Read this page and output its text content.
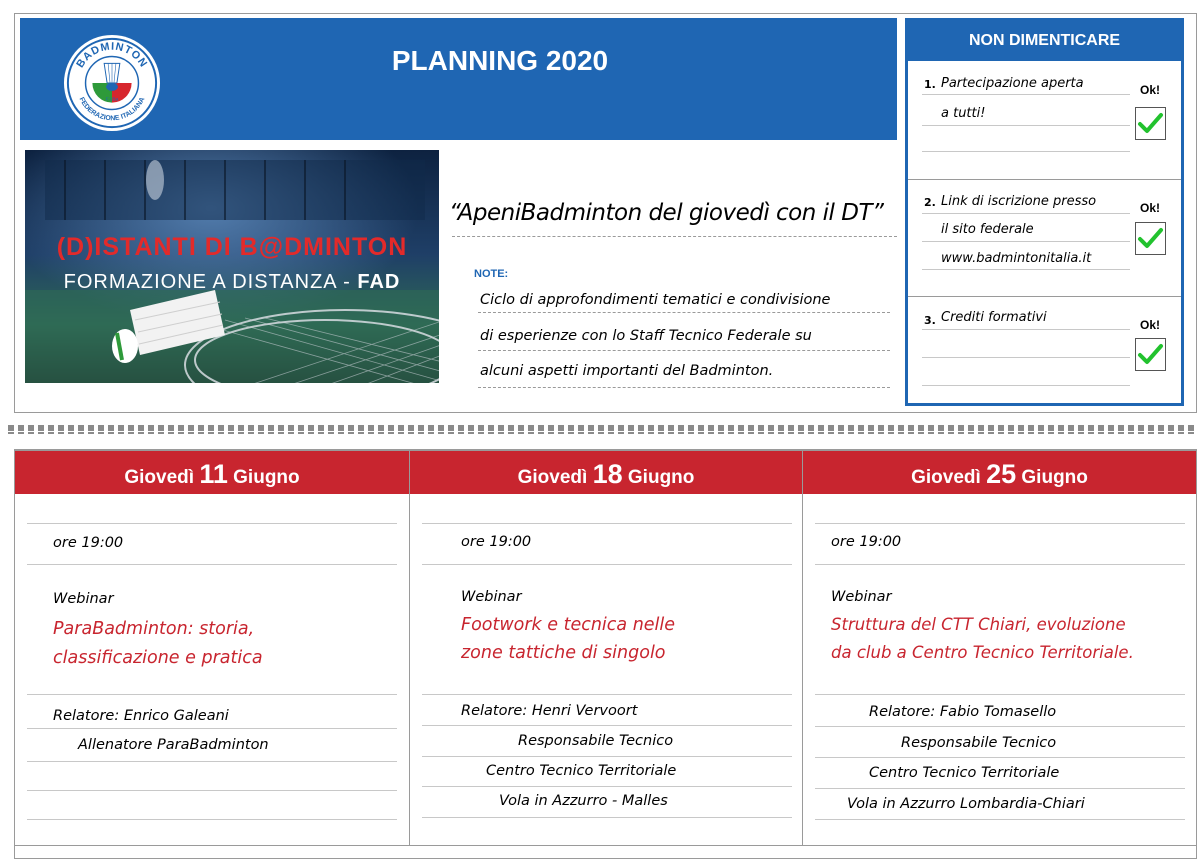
PLANNING 2020
BADMINTON
FEDERAZIONE ITALIANA
F.I.Ba
(D)ISTANTI DI B@DMINTON
FORMAZIONE A DISTANZA - FAD
“ApeniBadminton del giovedì con il DT”
NOTE:
Ciclo di approfondimenti tematici e condivisione
di esperienze con lo Staff Tecnico Federale su
alcuni aspetti importanti del Badminton.
NON DIMENTICARE
1. Partecipazione aperta
a tutti!
Ok!
2. Link di iscrizione presso
il sito federale
www.badmintonitalia.it
Ok!
3. Crediti formativi	Ok!
Giovedì 11 Giugno
ore 19:00
Webinar
ParaBadminton: storia,
classificazione e pratica
Relatore: Enrico Galeani
Allenatore ParaBadminton
Giovedì 18 Giugno
ore 19:00
Webinar
Footwork e tecnica nelle
zone tattiche di singolo
Relatore: Henri Vervoort
Responsabile Tecnico
Centro Tecnico Territoriale
Vola in Azzurro - Malles
Giovedì 25 Giugno
ore 19:00
Webinar
Struttura del CTT Chiari, evoluzione
da club a Centro Tecnico Territoriale.
Relatore: Fabio Tomasello
Responsabile Tecnico
Centro Tecnico Territoriale
Vola in Azzurro Lombardia-Chiari
